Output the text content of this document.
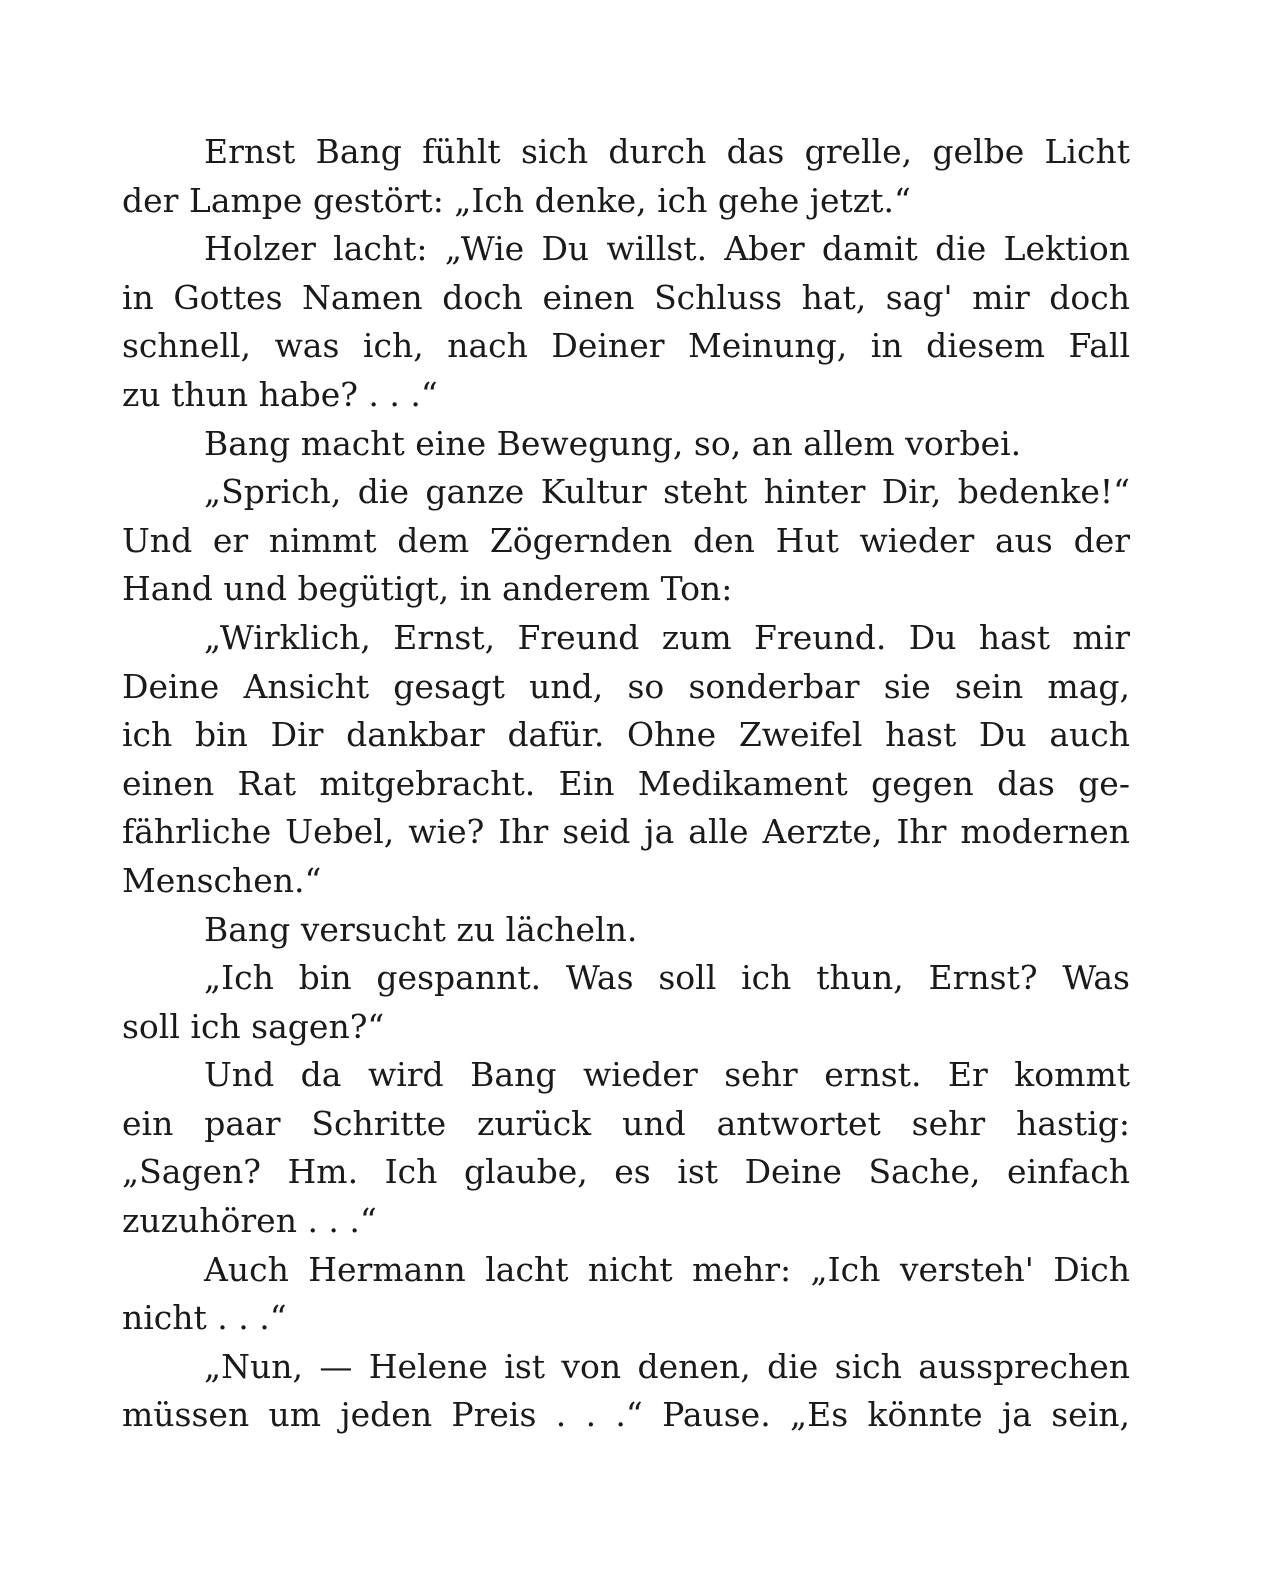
Ernst Bang fühlt sich durch das grelle, gelbe Licht
der Lampe gestört: „Ich denke, ich gehe jetzt.“
Holzer lacht: „Wie Du willst. Aber damit die Lektion
in Gottes Namen doch einen Schluss hat, sag' mir doch
schnell, was ich, nach Deiner Meinung, in diesem Fall
zu thun habe? . . .“
Bang macht eine Bewegung, so, an allem vorbei.
„Sprich, die ganze Kultur steht hinter Dir, bedenke!“
Und er nimmt dem Zögernden den Hut wieder aus der
Hand und begütigt, in anderem Ton:
„Wirklich, Ernst, Freund zum Freund. Du hast mir
Deine Ansicht gesagt und, so sonderbar sie sein mag,
ich bin Dir dankbar dafür. Ohne Zweifel hast Du auch
einen Rat mitgebracht. Ein Medikament gegen das ge-
fährliche Uebel, wie? Ihr seid ja alle Aerzte, Ihr modernen
Menschen.“
Bang versucht zu lächeln.
„Ich bin gespannt. Was soll ich thun, Ernst? Was
soll ich sagen?“
Und da wird Bang wieder sehr ernst. Er kommt
ein paar Schritte zurück und antwortet sehr hastig:
„Sagen? Hm. Ich glaube, es ist Deine Sache, einfach
zuzuhören . . .“
Auch Hermann lacht nicht mehr: „Ich versteh' Dich
nicht . . .“
„Nun, — Helene ist von denen, die sich aussprechen
müssen um jeden Preis . . .“ Pause. „Es könnte ja sein,
